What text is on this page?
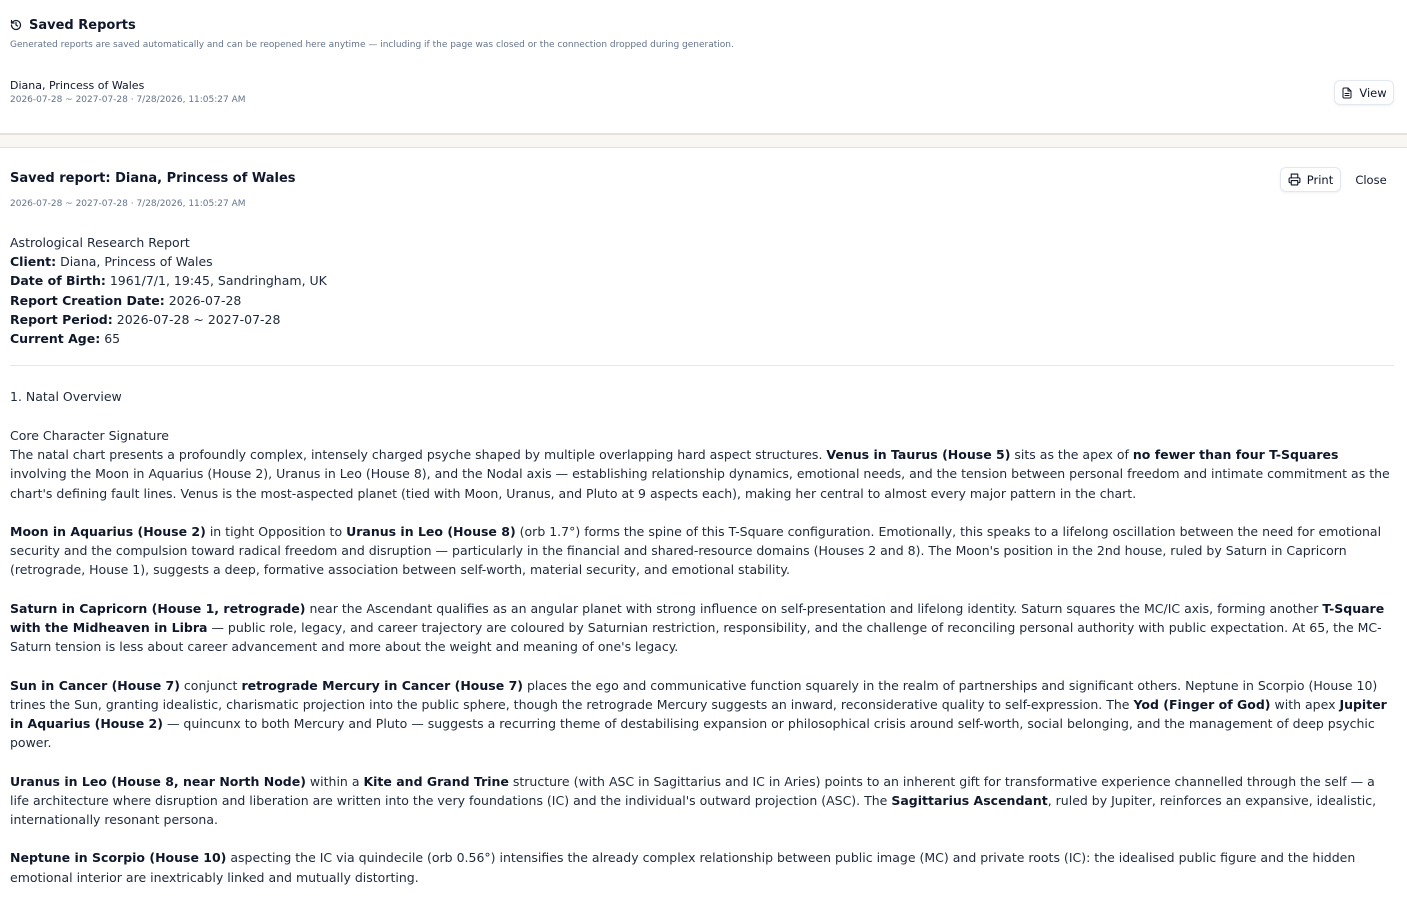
Saved Reports
Generated reports are saved automatically and can be reopened here anytime — including if the page was closed or the connection dropped during generation.
Diana, Princess of Wales
2026-07-28 ~ 2027-07-28 · 7/28/2026, 11:05:27 AM
View
Saved report: Diana, Princess of Wales
2026-07-28 ~ 2027-07-28 · 7/28/2026, 11:05:27 AM
Print	Close
Astrological Research Report
Client: Diana, Princess of Wales
Date of Birth: 1961/7/1, 19:45, Sandringham, UK
Report Creation Date: 2026-07-28
Report Period: 2026-07-28 ~ 2027-07-28
Current Age: 65
1. Natal Overview
Core Character Signature

The natal chart presents a profoundly complex, intensely charged psyche shaped by multiple overlapping hard aspect structures. Venus in Taurus (House 5) sits as the apex of no fewer than four T-Squares involving the Moon in Aquarius (House 2), Uranus in Leo (House 8), and the Nodal axis — establishing relationship dynamics, emotional needs, and the tension between personal freedom and intimate commitment as the chart's defining fault lines. Venus is the most-aspected planet (tied with Moon, Uranus, and Pluto at 9 aspects each), making her central to almost every major pattern in the chart.

Moon in Aquarius (House 2) in tight Opposition to Uranus in Leo (House 8) (orb 1.7°) forms the spine of this T-Square configuration. Emotionally, this speaks to a lifelong oscillation between the need for emotional security and the compulsion toward radical freedom and disruption — particularly in the financial and shared-resource domains (Houses 2 and 8). The Moon's position in the 2nd house, ruled by Saturn in Capricorn (retrograde, House 1), suggests a deep, formative association between self-worth, material security, and emotional stability.

Saturn in Capricorn (House 1, retrograde) near the Ascendant qualifies as an angular planet with strong influence on self-presentation and lifelong identity. Saturn squares the MC/IC axis, forming another T-Square with the Midheaven in Libra — public role, legacy, and career trajectory are coloured by Saturnian restriction, responsibility, and the challenge of reconciling personal authority with public expectation. At 65, the MC-Saturn tension is less about career advancement and more about the weight and meaning of one's legacy.

Sun in Cancer (House 7) conjunct retrograde Mercury in Cancer (House 7) places the ego and communicative function squarely in the realm of partnerships and significant others. Neptune in Scorpio (House 10) trines the Sun, granting idealistic, charismatic projection into the public sphere, though the retrograde Mercury suggests an inward, reconsiderative quality to self-expression. The Yod (Finger of God) with apex Jupiter in Aquarius (House 2) — quincunx to both Mercury and Pluto — suggests a recurring theme of destabilising expansion or philosophical crisis around self-worth, social belonging, and the management of deep psychic power.

Uranus in Leo (House 8, near North Node) within a Kite and Grand Trine structure (with ASC in Sagittarius and IC in Aries) points to an inherent gift for transformative experience channelled through the self — a life architecture where disruption and liberation are written into the very foundations (IC) and the individual's outward projection (ASC). The Sagittarius Ascendant, ruled by Jupiter, reinforces an expansive, idealistic, internationally resonant persona.

Neptune in Scorpio (House 10) aspecting the IC via quindecile (orb 0.56°) intensifies the already complex relationship between public image (MC) and private roots (IC): the idealised public figure and the hidden emotional interior are inextricably linked and mutually distorting.
